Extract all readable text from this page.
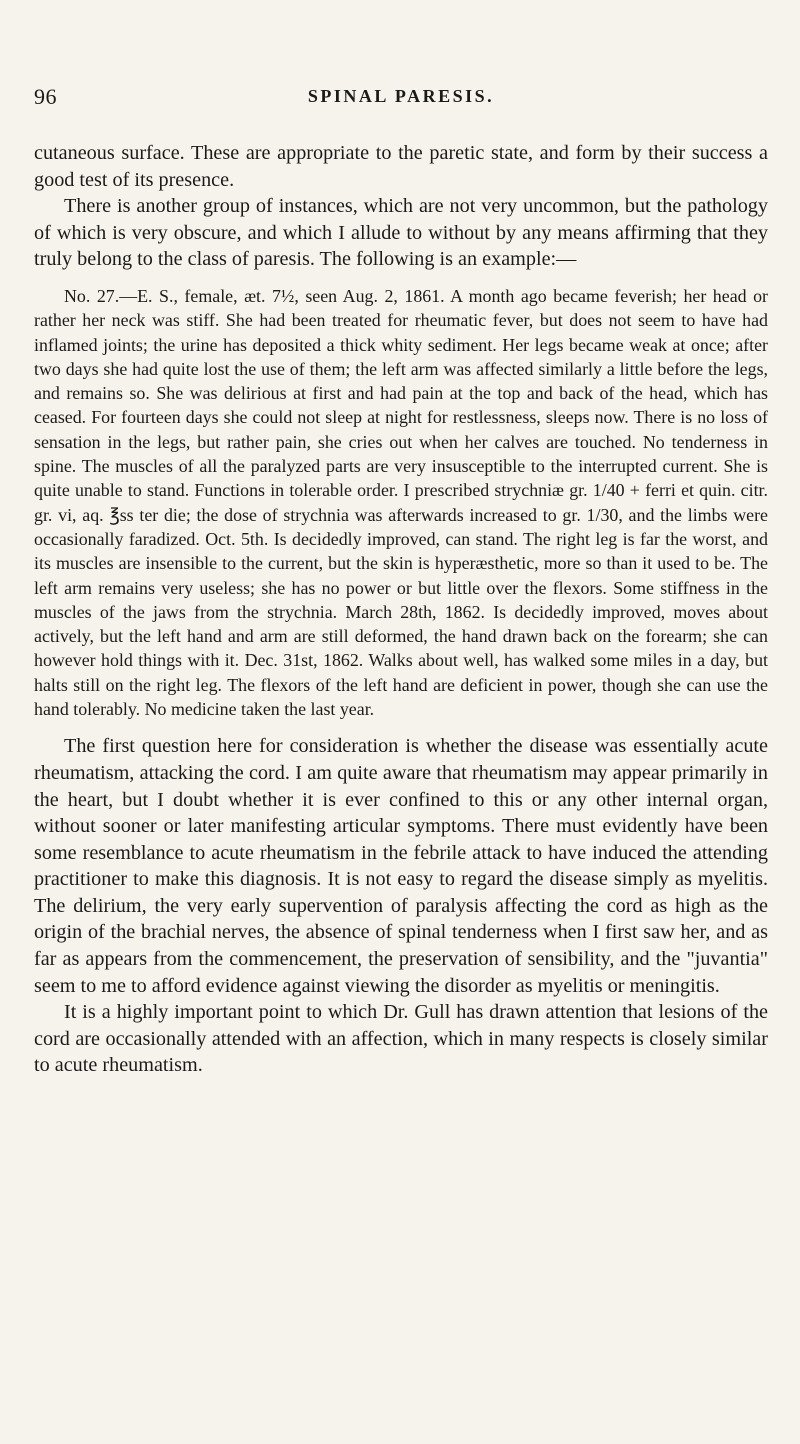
96	SPINAL PARESIS.

cutaneous surface. These are appropriate to the paretic state, and form by their success a good test of its presence.

There is another group of instances, which are not very uncommon, but the pathology of which is very obscure, and which I allude to without by any means affirming that they truly belong to the class of paresis. The following is an example:—

No. 27.—E. S., female, æt. 7½, seen Aug. 2, 1861. A month ago became feverish; her head or rather her neck was stiff. She had been treated for rheumatic fever, but does not seem to have had inflamed joints; the urine has deposited a thick whity sediment. Her legs became weak at once; after two days she had quite lost the use of them; the left arm was affected similarly a little before the legs, and remains so. She was delirious at first and had pain at the top and back of the head, which has ceased. For fourteen days she could not sleep at night for restlessness, sleeps now. There is no loss of sensation in the legs, but rather pain, she cries out when her calves are touched. No tenderness in spine. The muscles of all the paralyzed parts are very insusceptible to the interrupted current. She is quite unable to stand. Functions in tolerable order. I prescribed strychniæ gr. 1/40 + ferri et quin. citr. gr. vi, aq. ℥ss ter die; the dose of strychnia was afterwards increased to gr. 1/30, and the limbs were occasionally faradized. Oct. 5th. Is decidedly improved, can stand. The right leg is far the worst, and its muscles are insensible to the current, but the skin is hyperæsthetic, more so than it used to be. The left arm remains very useless; she has no power or but little over the flexors. Some stiffness in the muscles of the jaws from the strychnia. March 28th, 1862. Is decidedly improved, moves about actively, but the left hand and arm are still deformed, the hand drawn back on the forearm; she can however hold things with it. Dec. 31st, 1862. Walks about well, has walked some miles in a day, but halts still on the right leg. The flexors of the left hand are deficient in power, though she can use the hand tolerably. No medicine taken the last year.

The first question here for consideration is whether the disease was essentially acute rheumatism, attacking the cord. I am quite aware that rheumatism may appear primarily in the heart, but I doubt whether it is ever confined to this or any other internal organ, without sooner or later manifesting articular symptoms. There must evidently have been some resemblance to acute rheumatism in the febrile attack to have induced the attending practitioner to make this diagnosis. It is not easy to regard the disease simply as myelitis. The delirium, the very early supervention of paralysis affecting the cord as high as the origin of the brachial nerves, the absence of spinal tenderness when I first saw her, and as far as appears from the commencement, the preservation of sensibility, and the "juvantia" seem to me to afford evidence against viewing the disorder as myelitis or meningitis.

It is a highly important point to which Dr. Gull has drawn attention that lesions of the cord are occasionally attended with an affection, which in many respects is closely similar to acute rheumatism.
